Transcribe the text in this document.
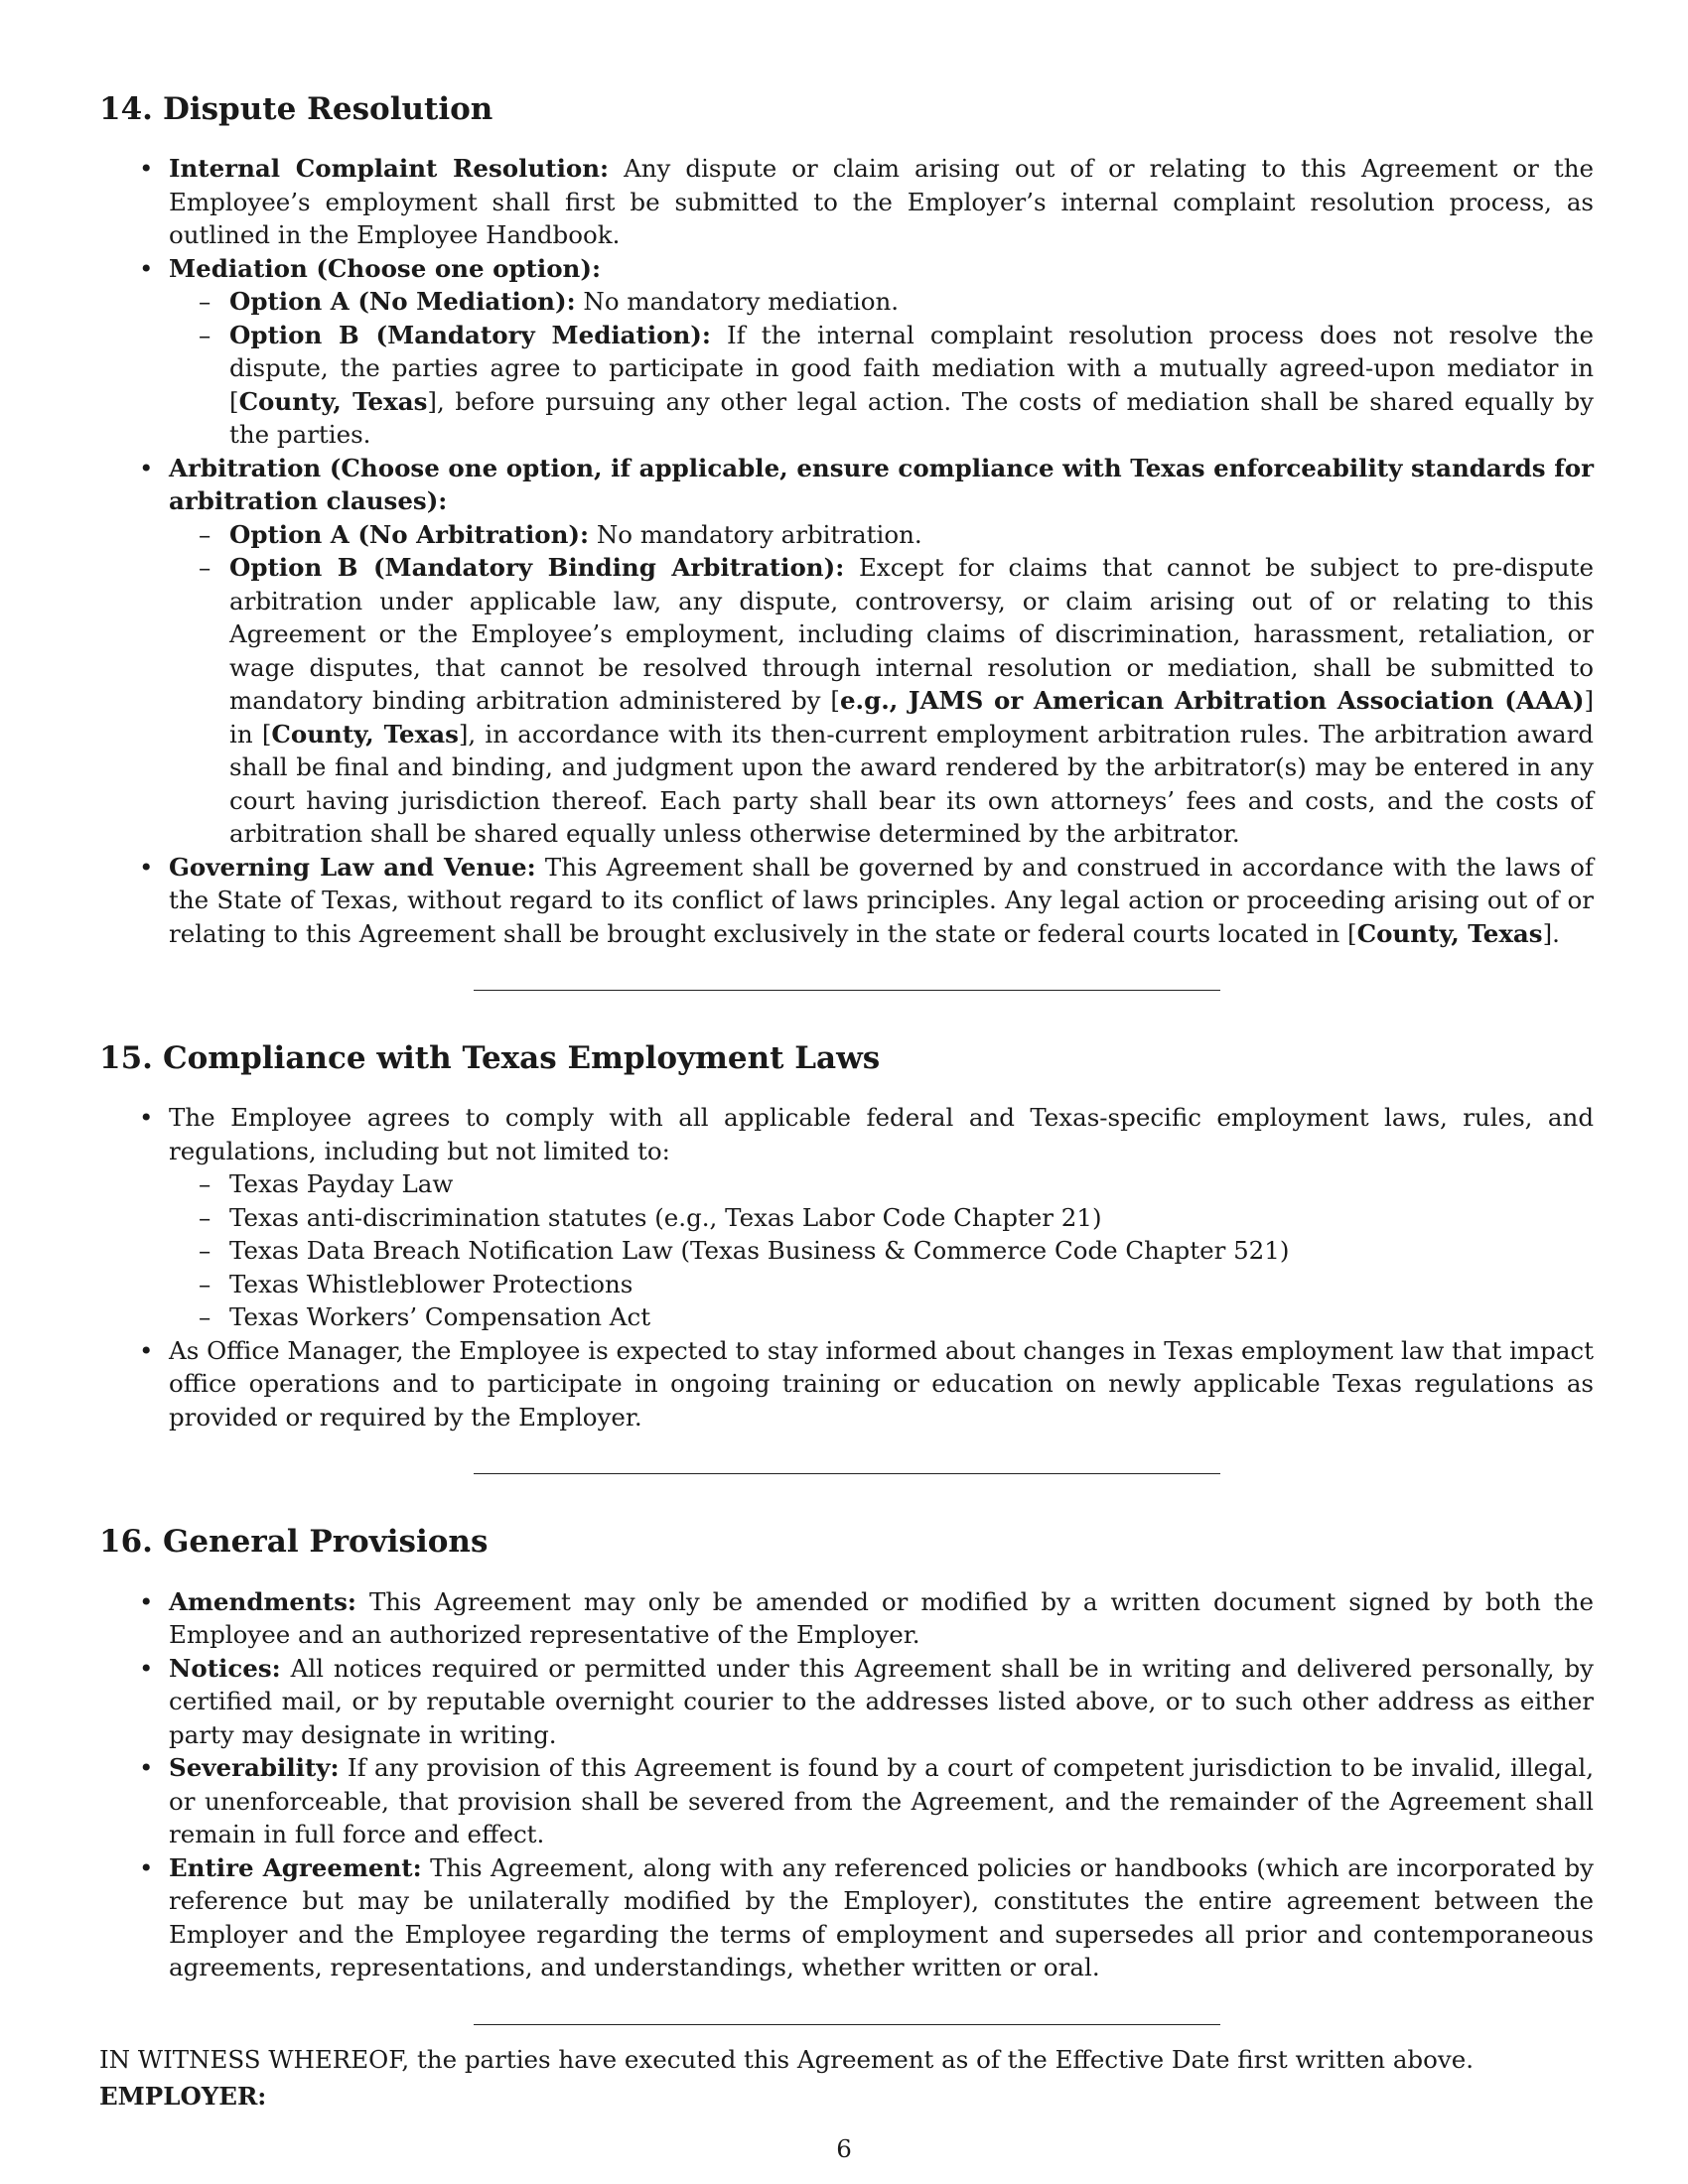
14. Dispute Resolution
• Internal Complaint Resolution: Any dispute or claim arising out of or relating to this Agreement or the Employee’s employment shall first be submitted to the Employer’s internal complaint resolution process, as outlined in the Employee Handbook.
• Mediation (Choose one option):
– Option A (No Mediation): No mandatory mediation.
– Option B (Mandatory Mediation): If the internal complaint resolution process does not resolve the dispute, the parties agree to participate in good faith mediation with a mutually agreed-upon mediator in [County, Texas], before pursuing any other legal action. The costs of mediation shall be shared equally by the parties.
• Arbitration (Choose one option, if applicable, ensure compliance with Texas enforceability standards for arbitration clauses):
– Option A (No Arbitration): No mandatory arbitration.
– Option B (Mandatory Binding Arbitration): Except for claims that cannot be subject to pre-dispute arbitration under applicable law, any dispute, controversy, or claim arising out of or relating to this Agreement or the Employee’s employment, including claims of discrimination, harassment, retaliation, or wage disputes, that cannot be resolved through internal resolution or mediation, shall be submitted to mandatory binding arbitration administered by [e.g., JAMS or American Arbitration Association (AAA)] in [County, Texas], in accordance with its then-current employment arbitration rules. The arbitration award shall be final and binding, and judgment upon the award rendered by the arbitrator(s) may be entered in any court having jurisdiction thereof. Each party shall bear its own attorneys’ fees and costs, and the costs of arbitration shall be shared equally unless otherwise determined by the arbitrator.
• Governing Law and Venue: This Agreement shall be governed by and construed in accordance with the laws of the State of Texas, without regard to its conflict of laws principles. Any legal action or proceeding arising out of or relating to this Agreement shall be brought exclusively in the state or federal courts located in [County, Texas].
15. Compliance with Texas Employment Laws
• The Employee agrees to comply with all applicable federal and Texas-specific employment laws, rules, and regulations, including but not limited to:
– Texas Payday Law
– Texas anti-discrimination statutes (e.g., Texas Labor Code Chapter 21)
– Texas Data Breach Notification Law (Texas Business & Commerce Code Chapter 521)
– Texas Whistleblower Protections
– Texas Workers’ Compensation Act
• As Office Manager, the Employee is expected to stay informed about changes in Texas employment law that impact office operations and to participate in ongoing training or education on newly applicable Texas regulations as provided or required by the Employer.
16. General Provisions
• Amendments: This Agreement may only be amended or modified by a written document signed by both the Employee and an authorized representative of the Employer.
• Notices: All notices required or permitted under this Agreement shall be in writing and delivered personally, by certified mail, or by reputable overnight courier to the addresses listed above, or to such other address as either party may designate in writing.
• Severability: If any provision of this Agreement is found by a court of competent jurisdiction to be invalid, illegal, or unenforceable, that provision shall be severed from the Agreement, and the remainder of the Agreement shall remain in full force and effect.
• Entire Agreement: This Agreement, along with any referenced policies or handbooks (which are incorporated by reference but may be unilaterally modified by the Employer), constitutes the entire agreement between the Employer and the Employee regarding the terms of employment and supersedes all prior and contemporaneous agreements, representations, and understandings, whether written or oral.

IN WITNESS WHEREOF, the parties have executed this Agreement as of the Effective Date first written above.

EMPLOYER:

6
